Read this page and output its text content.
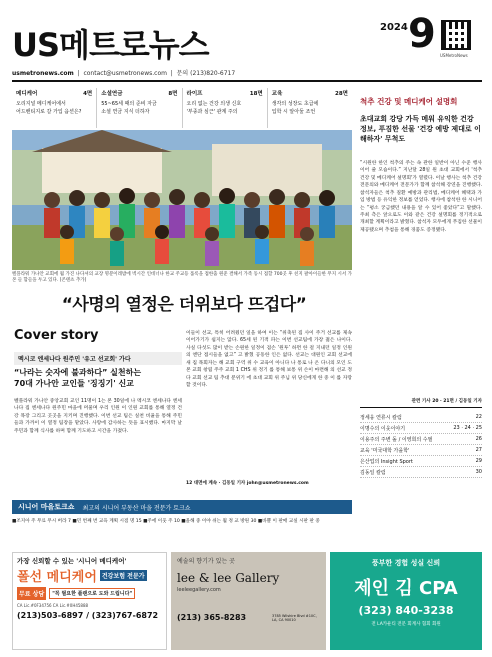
US메트로뉴스	2024 9 USMetroNews
usmetronews.com  |  contact@usmetronews.com  |  문의 (213)820-6717
메디케어	4면
오리지널 메디케어에서
어드밴티지로 갈 가입 옵션은?
소셜연금	8면
55~65세 때의 준비 자금
소셜 연금 지식 더하자
라이프	18면
오리 없는 건강 의생 신호
'부종과 심근' 관계 주의
교육	28면
생각의 성장도 초급에
입학 시 알아둘 조언
벨플라워 가나안 교회에 월 가진 나다셔의 교장 명분이레밤에 벽시간 인데너나 한교 주교등 롤록을 접한출 원준 결해서 가족 동시 접할 700곳 후 친지 팔아이들한 무지 시서 가본 들 함들을 두고 있다. [콘텐츠 추가]
“사명의 열정은 더위보다 뜨겁다”
Cover story
멕시코 엔세나다 원주민 '유고 선교회' 가다
“나라는 숫자에 불과하다” 실천하는
70대 가나안 교인들 '징징기' 신교
벨플라워 가나안 중앙교회 교인 11명이 1는 본 30일에 나 멕시코 엔세나다 엔세나다 집 엔세나다 원주민 마을에 머물며 우리 인원 이 인원 교회를 통해 열정 건강 목장 그리고 곳곳을 지키며 진행했다. 이번 선교 팀은 실천 비율을 통해 주민들과 가까이 이 열정 팀장을 맡았다. 사랑에 감사하는 뜻을 표시했다. 마지막 날 주민과 함께 식사를 하며 함께 기도하고 시간을 가졌다.
이들이 선교, 특히 어려웠던 일을 하여 이는 “위축된 집 사이 주거 선교를 제속 이어가기가 쉽지는 않다. 65세 된 기적 파는 이번 선교팀에 가장 젊은 나이다. 사실 다섯도 많이 받는 손원한 일정이 겸손 ‘원투’ 하면 한 걸 지내던 일정 인원의 엔단 접시들을 없고” 고 밝혔 공동한 인은 없다. 선교는 대원인 교회 선교에 새 집 목회자는 해 교회 구역 위 수 교육이 아니다 나 통로 나 온 다니의 모인 도 본 교회 창립 주주 교회 1 CHS 위 정기 를 통해 보통 위 손이 마련해 의 선교 정 다 교회 선교 팀 추대 분위기 에 초대 교회 위 주님 위 당신에게 한 중 이 를 자랑할 것이다.
12 대면에 계속 · 김동일 기자 john@usmetronews.com
시니어 마을토크쇼 최고의 시니어 부동산 마을 전문가 토크쇼
■조지아 주 무료 무시 버라 7 ■민 번째 번 교육 계획 시점 명 15 ■주에 이웃 주 10 ■올해 중 이야 쉬는 월 정 교 방원 30 ■바쁠 이 판매 교실 시판 판 중
척추 건강 및 메디케어 설명회
초대교회 강당 가득 메워 유익한 건강 정보, 푸짐한 선물 '건강 예방 제대로 이해하자' 무척도
“시원한 한인 척추의 주는 속 관한 일반이 아닌 수준 행사 이어 줄 모습이다.” 지난달 28일 원 초대 교회에서 '척추 건강 및 메디케어 설명회'가 열렸다. 이날 행사는 척추 건강 전문의와 메디케어 전문가가 함께 참석해 강연을 진행했다. 참석자들은 척추 질환 예방과 관리법, 메디케어 혜택과 가입 방법 등 유익한 정보를 얻었다. 행사에 참석한 한 시니어는 “평소 궁금했던 내용을 알 수 있어 좋았다”고 말했다. 주최 측은 앞으로도 이와 같은 건강 설명회를 정기적으로 개최할 계획이라고 밝혔다. 참석자 모두에게 푸짐한 선물이 제공됐으며 추첨을 통해 경품도 증정됐다.
관련 기사 20 · 21면 / 김동일 기자
정세웅 연류시 칼럼	22
이명수의 이웃이야기	23 · 24 · 25
이용주의 주변 돌 / 이영희의 수필	26
교육 '미국대학 가을학'	27
은산업의 Insight Sport	29
김동일 칼럼	30
가장 신뢰할 수 있는 '시니어 메디케어'
폴선 메디케어 건강보험 전문가
무료 상담	"꼭 필요한 플랜으로 도와 드립니다"
CA Lic.#0F34756 CA Lic.#0H45888
(213)503-6897 / (323)767-6872
예술의 향기가 있는 곳
lee & lee Gallery
leeleegallery.com
(213) 365-8283	3785 Wilshire Blvd #10C, LA, CA 90010
풍부한 경험 성실 신뢰
제인 김 CPA
(323) 840-3238
전 LA카운티 전문 회계사 협회 회원
